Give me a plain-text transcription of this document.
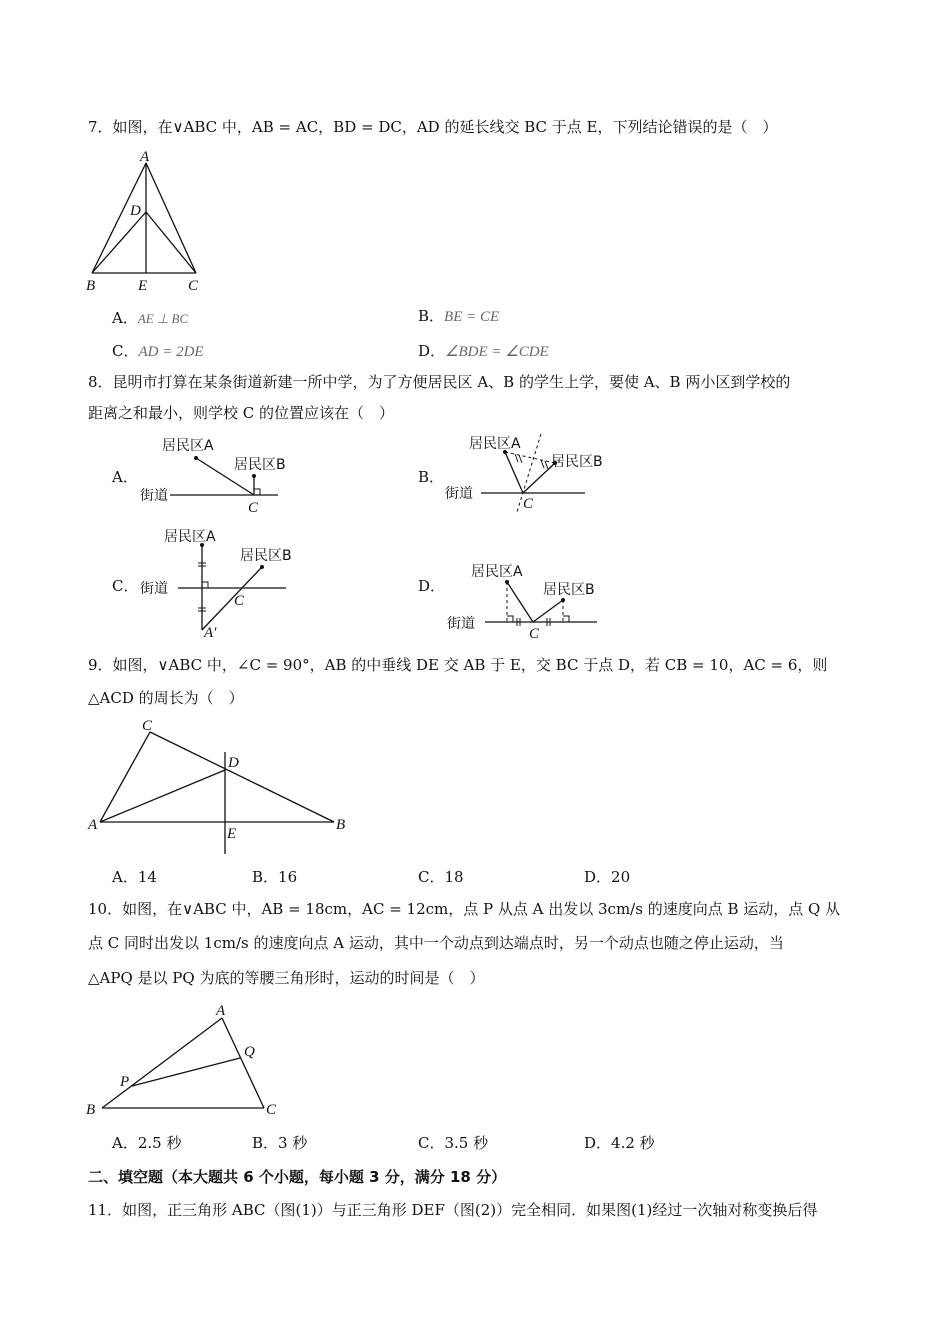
7．如图，在∨ABC 中，AB = AC，BD = DC，AD 的延长线交 BC 于点 E，下列结论错误的是（　）
A
D
B	E	C
A．AE ⊥ BC	B．BE = CE
C．AD = 2DE	D．∠BDE = ∠CDE
8．昆明市打算在某条街道新建一所中学，为了方便居民区 A、B 的学生上学，要使 A、B 两小区到学校的
距离之和最小，则学校 C 的位置应该在（　）
A．
居民区A
居民区B
街道
C
B．
居民区A
居民区B
街道
C
C．
居民区A
居民区B
街道
C
A′
D．
居民区A
居民区B
街道
C
9．如图，∨ABC 中，∠C = 90°，AB 的中垂线 DE 交 AB 于 E，交 BC 于点 D，若 CB = 10，AC = 6，则
△ACD 的周长为（　）
C
D
A
E
B
A．14	B．16	C．18	D．20
10．如图，在∨ABC 中，AB = 18cm，AC = 12cm，点 P 从点 A 出发以 3cm/s 的速度向点 B 运动，点 Q 从
点 C 同时出发以 1cm/s 的速度向点 A 运动，其中一个动点到达端点时，另一个动点也随之停止运动，当
△APQ 是以 PQ 为底的等腰三角形时，运动的时间是（　）
A
Q
P
B	C
A．2.5 秒	B．3 秒	C．3.5 秒	D．4.2 秒
二、填空题（本大题共 6 个小题，每小题 3 分，满分 18 分）
11．如图，正三角形 ABC（图(1)）与正三角形 DEF（图(2)）完全相同．如果图(1)经过一次轴对称变换后得
